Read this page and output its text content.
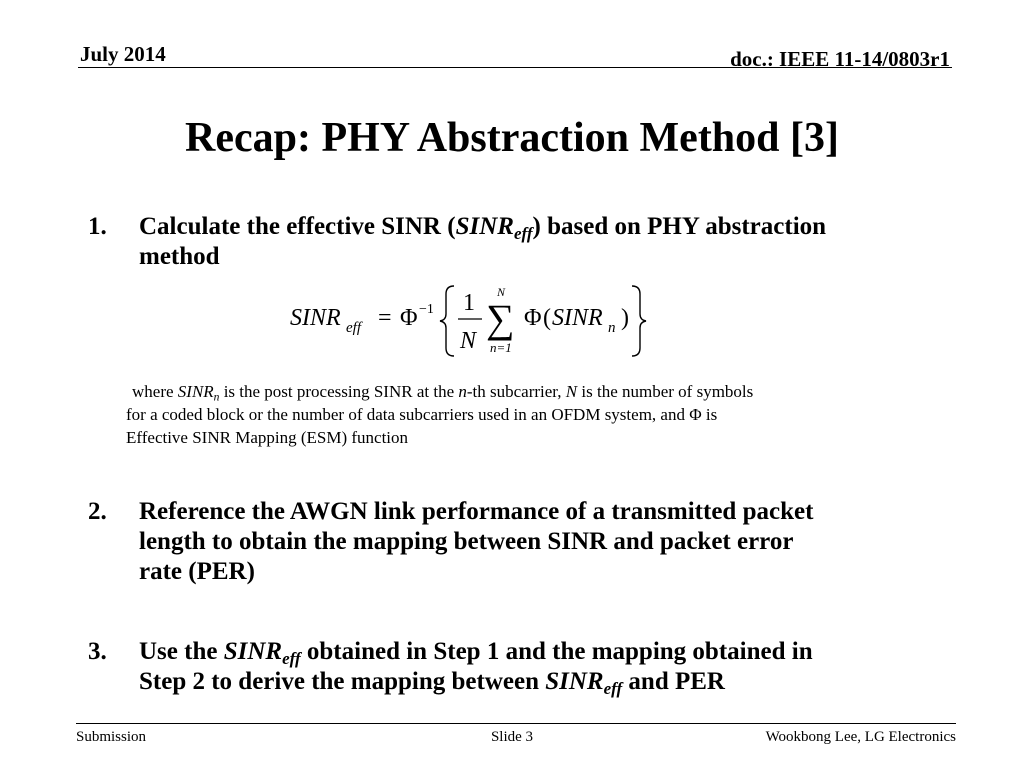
July 2014	doc.: IEEE 11-14/0803r1
Recap: PHY Abstraction Method [3]
1. Calculate the effective SINR $(SINR_{eff})$ based on PHY abstraction
method
SINR eff = Φ −1 1
N
N
∑
n=1
Φ ( SINR n )
where $SINR_n$ is the post processing SINR at the n-th subcarrier, N is the number of symbols
for a coded block or the number of data subcarriers used in an OFDM system, and Φ is
Effective SINR Mapping (ESM) function
2. Reference the AWGN link performance of a transmitted packet
length to obtain the mapping between SINR and packet error
rate (PER)
3. Use the $SINR_{eff}$ obtained in Step 1 and the mapping obtained in
Step 2 to derive the mapping between $SINR_{eff}$ and PER
Submission	Slide 3	Wookbong Lee, LG Electronics
